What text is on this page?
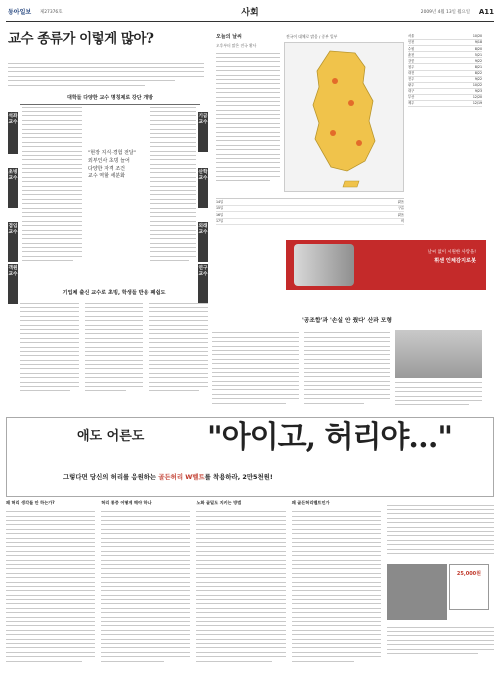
동아일보 제27376호	사회	2009년 4월 13일 월요일 A11
교수 종류가 이렇게 많아?
대학들 다양한 교수 명칭제로 강단 개방
석좌교수
초빙교수
겸임교수
객원교수
기금교수
산학교수
외래교수
연구교수
"현장 지식·경험 전달"
외부인사 초빙 늘어
다양한 자격 조건
교수 역할 세분화
기업체 출신 교수로 초빙, 학생들 반응 폐쉽도
오늘의 날씨
오후부터 맑은 전국 황사
전국이 대체로 맑음 / 중부 일부	서울	10/20
인천	9/18
수원	8/20
춘천	5/21
강릉	9/22
청주	8/21
대전	8/22
전주	9/22
광주	10/22
대구	9/23
부산	12/20
제주	12/19
14일	맑음
15일	구름
16일	맑음
17일	비
날씨 없이 시원한 사랑을!
휘센 인체감지로봇
'공조합'과 '손실 안 줬다' 산과 모형
애도 어른도 "아이고, 허리야…"
그렇다면 당신의 허리를 응원하는 골든허리 W벨트를 착용하라, 2만5천원!
왜 허리 생각들 안 하는가?	허리 통증 어떻게 해야 하나	노화 골밀도 지키는 방법	왜 골든허리벨트인가
25,000원
